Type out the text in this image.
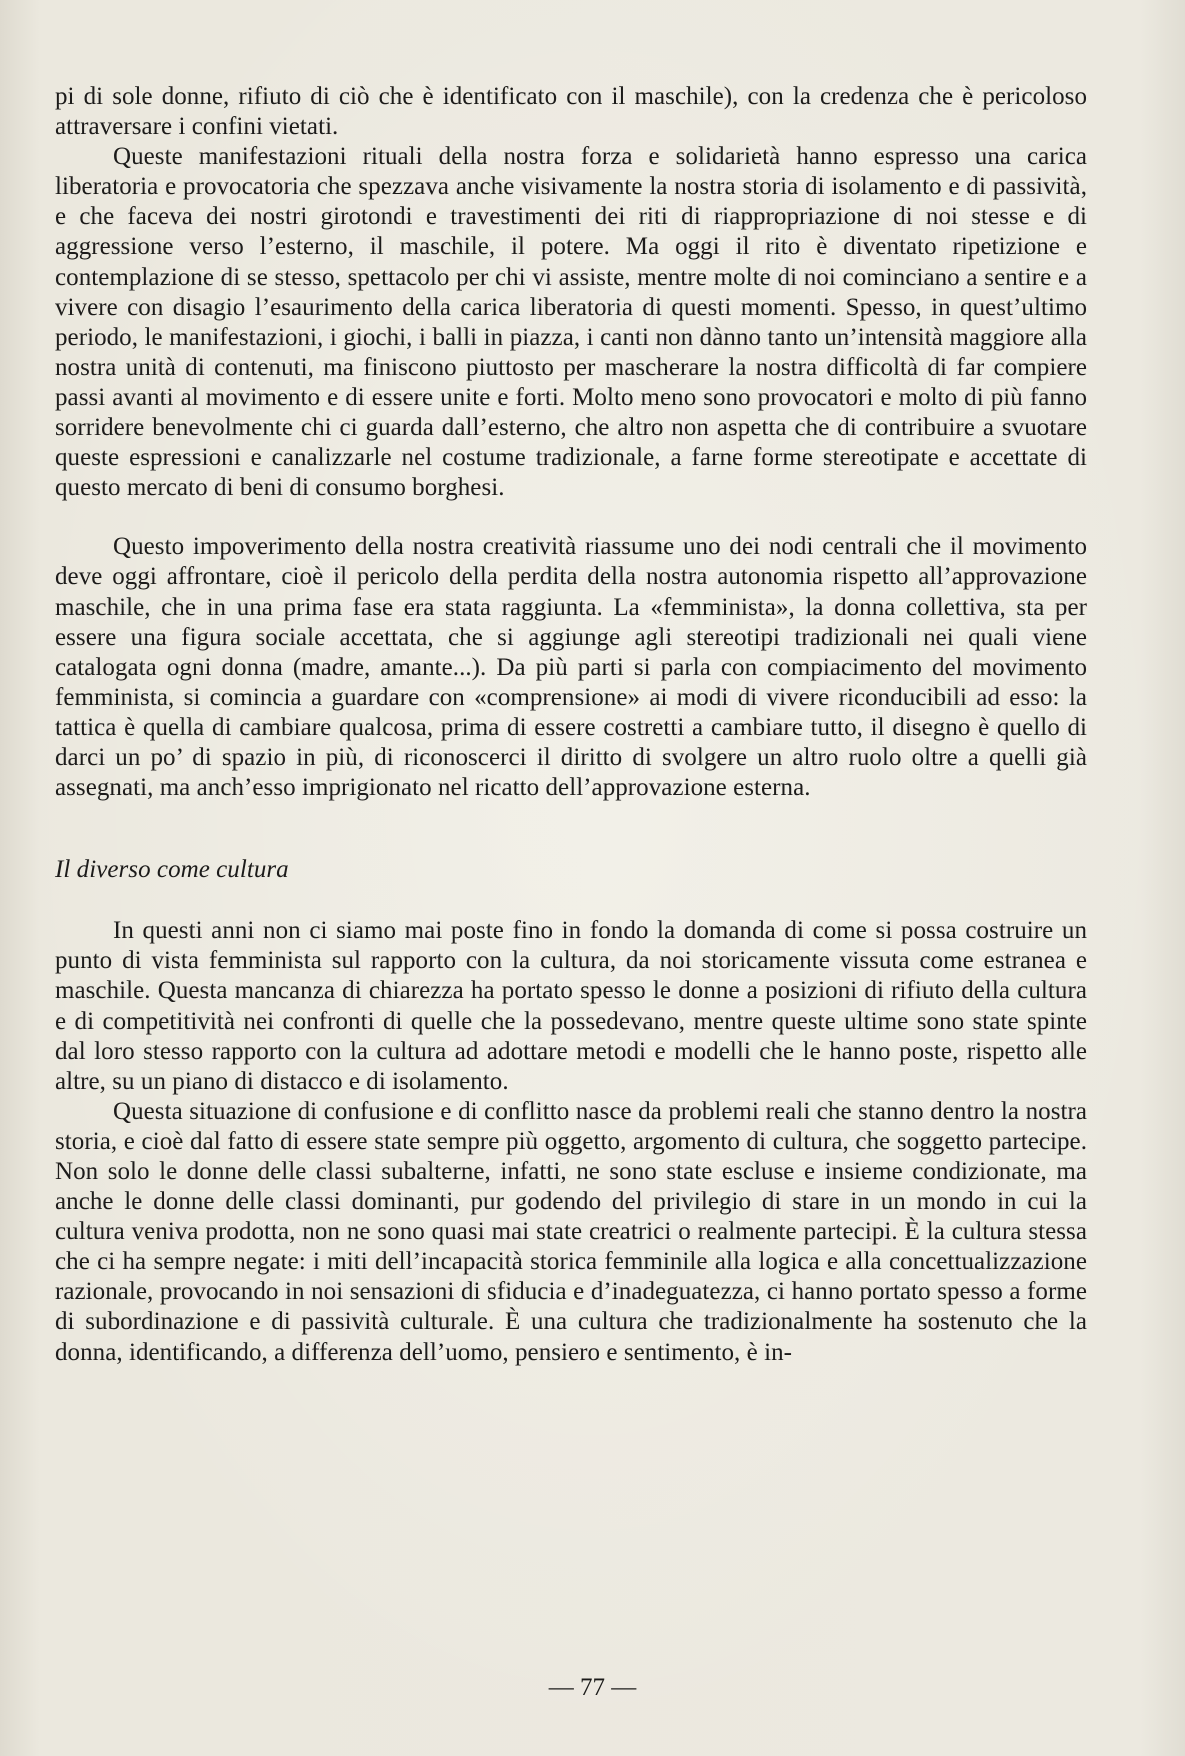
pi di sole donne, rifiuto di ciò che è identificato con il maschile), con la credenza che è pericoloso attraversare i confini vietati.

Queste manifestazioni rituali della nostra forza e solidarietà hanno espresso una carica liberatoria e provocatoria che spezzava anche visivamente la nostra storia di isolamento e di passività, e che faceva dei nostri girotondi e travestimenti dei riti di riappropriazione di noi stesse e di aggressione verso l’esterno, il maschile, il potere. Ma oggi il rito è diventato ripetizione e contemplazione di se stesso, spettacolo per chi vi assiste, mentre molte di noi cominciano a sentire e a vivere con disagio l’esaurimento della carica liberatoria di questi momenti. Spesso, in quest’ultimo periodo, le manifestazioni, i giochi, i balli in piazza, i canti non dànno tanto un’intensità maggiore alla nostra unità di contenuti, ma finiscono piuttosto per mascherare la nostra difficoltà di far compiere passi avanti al movimento e di essere unite e forti. Molto meno sono provocatori e molto di più fanno sorridere benevolmente chi ci guarda dall’esterno, che altro non aspetta che di contribuire a svuotare queste espressioni e canalizzarle nel costume tradizionale, a farne forme stereotipate e accettate di questo mercato di beni di consumo borghesi.

Questo impoverimento della nostra creatività riassume uno dei nodi centrali che il movimento deve oggi affrontare, cioè il pericolo della perdita della nostra autonomia rispetto all’approvazione maschile, che in una prima fase era stata raggiunta. La «femminista», la donna collettiva, sta per essere una figura sociale accettata, che si aggiunge agli stereotipi tradizionali nei quali viene catalogata ogni donna (madre, amante...). Da più parti si parla con compiacimento del movimento femminista, si comincia a guardare con «comprensione» ai modi di vivere riconducibili ad esso: la tattica è quella di cambiare qualcosa, prima di essere costretti a cambiare tutto, il disegno è quello di darci un po’ di spazio in più, di riconoscerci il diritto di svolgere un altro ruolo oltre a quelli già assegnati, ma anch’esso imprigionato nel ricatto dell’approvazione esterna.

Il diverso come cultura

In questi anni non ci siamo mai poste fino in fondo la domanda di come si possa costruire un punto di vista femminista sul rapporto con la cultura, da noi storicamente vissuta come estranea e maschile. Questa mancanza di chiarezza ha portato spesso le donne a posizioni di rifiuto della cultura e di competitività nei confronti di quelle che la possedevano, mentre queste ultime sono state spinte dal loro stesso rapporto con la cultura ad adottare metodi e modelli che le hanno poste, rispetto alle altre, su un piano di distacco e di isolamento.

Questa situazione di confusione e di conflitto nasce da problemi reali che stanno dentro la nostra storia, e cioè dal fatto di essere state sempre più oggetto, argomento di cultura, che soggetto partecipe. Non solo le donne delle classi subalterne, infatti, ne sono state escluse e insieme condizionate, ma anche le donne delle classi dominanti, pur godendo del privilegio di stare in un mondo in cui la cultura veniva prodotta, non ne sono quasi mai state creatrici o realmente partecipi. È la cultura stessa che ci ha sempre negate: i miti dell’incapacità storica femminile alla logica e alla concettualizzazione razionale, provocando in noi sensazioni di sfiducia e d’inadeguatezza, ci hanno portato spesso a forme di subordinazione e di passività culturale. È una cultura che tradizionalmente ha sostenuto che la donna, identificando, a differenza dell’uomo, pensiero e sentimento, è in-

— 77 —
